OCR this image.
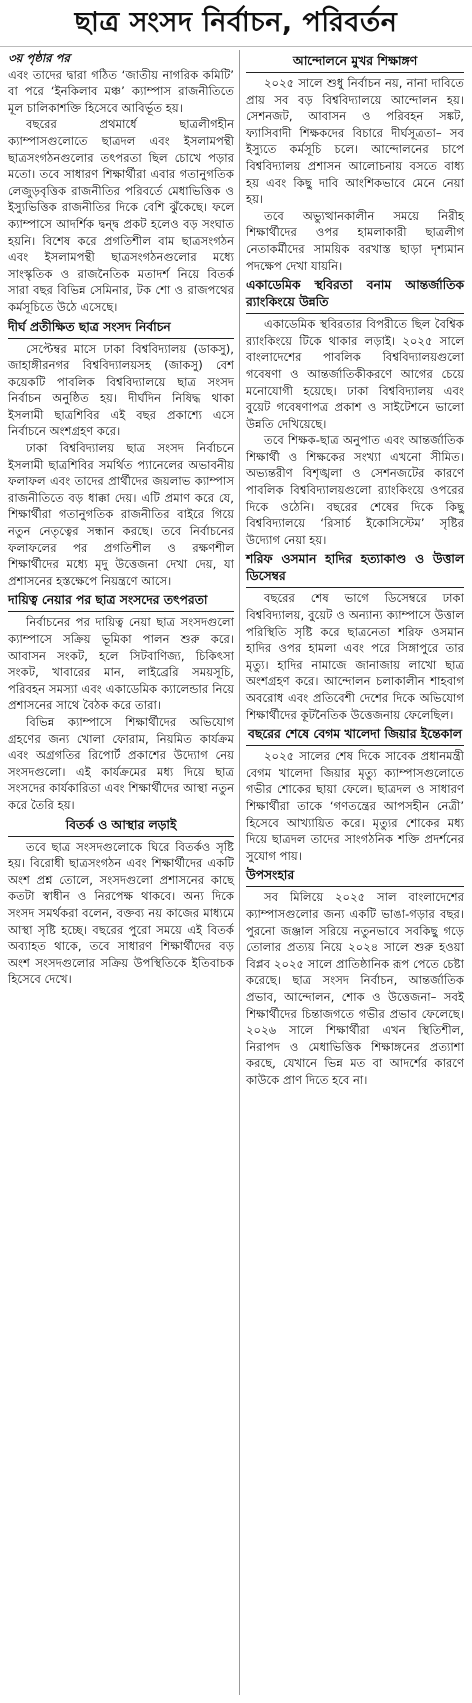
ছাত্র সংসদ নির্বাচন, পরিবর্তন
৩য় পৃষ্ঠার পর

এবং তাদের দ্বারা গঠিত ‘জাতীয় নাগরিক কমিটি’ বা পরে ‘ইনকিলাব মঞ্চ’ ক্যাম্পাস রাজনীতিতে মূল চালিকাশক্তি হিসেবে আবির্ভূত হয়।

বছরের প্রথমার্ধে ছাত্রলীগহীন ক্যাম্পাসগুলোতে ছাত্রদল এবং ইসলামপন্থী ছাত্রসংগঠনগুলোর তৎপরতা ছিল চোখে পড়ার মতো। তবে সাধারণ শিক্ষার্থীরা এবার গতানুগতিক লেজুড়বৃত্তিক রাজনীতির পরিবর্তে মেধাভিত্তিক ও ইস্যুভিত্তিক রাজনীতির দিকে বেশি ঝুঁকেছে। ফলে ক্যাম্পাসে আদর্শিক দ্বন্দ্ব প্রকট হলেও বড় সংঘাত হয়নি। বিশেষ করে প্রগতিশীল বাম ছাত্রসংগঠন এবং ইসলামপন্থী ছাত্রসংগঠনগুলোর মধ্যে সাংস্কৃতিক ও রাজনৈতিক মতাদর্শ নিয়ে বিতর্ক সারা বছর বিভিন্ন সেমিনার, টক শো ও রাজপথের কর্মসূচিতে উঠে এসেছে।

দীর্ঘ প্রতীক্ষিত ছাত্র সংসদ নির্বাচন

সেপ্টেম্বর মাসে ঢাকা বিশ্ববিদ্যালয় (ডাকসু), জাহাঙ্গীরনগর বিশ্ববিদ্যালয়সহ (জাকসু) বেশ কয়েকটি পাবলিক বিশ্ববিদ্যালয়ে ছাত্র সংসদ নির্বাচন অনুষ্ঠিত হয়। দীর্ঘদিন নিষিদ্ধ থাকা ইসলামী ছাত্রশিবির এই বছর প্রকাশ্যে এসে নির্বাচনে অংশগ্রহণ করে।

ঢাকা বিশ্ববিদ্যালয় ছাত্র সংসদ নির্বাচনে ইসলামী ছাত্রশিবির সমর্থিত প্যানেলের অভাবনীয় ফলাফল এবং তাদের প্রার্থীদের জয়লাভ ক্যাম্পাস রাজনীতিতে বড় ধাক্কা দেয়। এটি প্রমাণ করে যে, শিক্ষার্থীরা গতানুগতিক রাজনীতির বাইরে গিয়ে নতুন নেতৃত্বের সন্ধান করছে। তবে নির্বাচনের ফলাফলের পর প্রগতিশীল ও রক্ষণশীল শিক্ষার্থীদের মধ্যে মৃদু উত্তেজনা দেখা দেয়, যা প্রশাসনের হস্তক্ষেপে নিয়ন্ত্রণে আসে।

দায়িত্ব নেয়ার পর ছাত্র সংসদের তৎপরতা

নির্বাচনের পর দায়িত্ব নেয়া ছাত্র সংসদগুলো ক্যাম্পাসে সক্রিয় ভূমিকা পালন শুরু করে। আবাসন সংকট, হলে সিটবাণিজ্য, চিকিৎসা সংকট, খাবারের মান, লাইব্রেরি সময়সূচি, পরিবহন সমস্যা এবং একাডেমিক ক্যালেন্ডার নিয়ে প্রশাসনের সাথে বৈঠক করে তারা।

বিভিন্ন ক্যাম্পাসে শিক্ষার্থীদের অভিযোগ গ্রহণের জন্য খোলা ফোরাম, নিয়মিত কার্যক্রম এবং অগ্রগতির রিপোর্ট প্রকাশের উদ্যোগ নেয় সংসদগুলো। এই কার্যক্রমের মধ্য দিয়ে ছাত্র সংসদের কার্যকারিতা এবং শিক্ষার্থীদের আস্থা নতুন করে তৈরি হয়।

বিতর্ক ও আস্থার লড়াই

তবে ছাত্র সংসদগুলোকে ঘিরে বিতর্কও সৃষ্টি হয়। বিরোধী ছাত্রসংগঠন এবং শিক্ষার্থীদের একটি অংশ প্রশ্ন তোলে, সংসদগুলো প্রশাসনের কাছে কতটা স্বাধীন ও নিরপেক্ষ থাকবে। অন্য দিকে সংসদ সমর্থকরা বলেন, বক্তব্য নয় কাজের মাধ্যমে আস্থা সৃষ্টি হচ্ছে। বছরের পুরো সময়ে এই বিতর্ক অব্যাহত থাকে, তবে সাধারণ শিক্ষার্থীদের বড় অংশ সংসদগুলোর সক্রিয় উপস্থিতিকে ইতিবাচক হিসেবে দেখে।

আন্দোলনে মুখর শিক্ষাঙ্গণ

২০২৫ সালে শুধু নির্বাচন নয়, নানা দাবিতে প্রায় সব বড় বিশ্ববিদ্যালয়ে আন্দোলন হয়। সেশনজট, আবাসন ও পরিবহন সঙ্কট, ফ্যাসিবাদী শিক্ষকদের বিচারে দীর্ঘসূত্রতা– সব ইস্যুতে কর্মসূচি চলে। আন্দোলনের চাপে বিশ্ববিদ্যালয় প্রশাসন আলোচনায় বসতে বাধ্য হয় এবং কিছু দাবি আংশিকভাবে মেনে নেয়া হয়।

তবে অভ্যুত্থানকালীন সময়ে নিরীহ শিক্ষার্থীদের ওপর হামলাকারী ছাত্রলীগ নেতাকর্মীদের সাময়িক বরখাস্ত ছাড়া দৃশ্যমান পদক্ষেপ দেখা যায়নি।

একাডেমিক স্থবিরতা বনাম আন্তর্জাতিক র‍্যাংকিংয়ে উন্নতি

একাডেমিক স্থবিরতার বিপরীতে ছিল বৈশ্বিক র‍্যাংকিংয়ে টিকে থাকার লড়াই। ২০২৫ সালে বাংলাদেশের পাবলিক বিশ্ববিদ্যালয়গুলো গবেষণা ও আন্তর্জাতিকীকরণে আগের চেয়ে মনোযোগী হয়েছে। ঢাকা বিশ্ববিদ্যালয় এবং বুয়েট গবেষণাপত্র প্রকাশ ও সাইটেশনে ভালো উন্নতি দেখিয়েছে।

তবে শিক্ষক-ছাত্র অনুপাত এবং আন্তর্জাতিক শিক্ষার্থী ও শিক্ষকের সংখ্যা এখনো সীমিত। অভ্যন্তরীণ বিশৃঙ্খলা ও সেশনজটের কারণে পাবলিক বিশ্ববিদ্যালয়গুলো র‍্যাংকিংয়ে ওপরের দিকে ওঠেনি। বছরের শেষের দিকে কিছু বিশ্ববিদ্যালয়ে ‘রিসার্চ ইকোসিস্টেম’ সৃষ্টির উদ্যোগ নেয়া হয়।

শরিফ ওসমান হাদির হত্যাকাণ্ড ও উত্তাল ডিসেম্বর

বছরের শেষ ভাগে ডিসেম্বরে ঢাকা বিশ্ববিদ্যালয়, বুয়েট ও অন্যান্য ক্যাম্পাসে উত্তাল পরিস্থিতি সৃষ্টি করে ছাত্রনেতা শরিফ ওসমান হাদির ওপর হামলা এবং পরে সিঙ্গাপুরে তার মৃত্যু। হাদির নামাজে জানাজায় লাখো ছাত্র অংশগ্রহণ করে। আন্দোলন চলাকালীন শাহবাগ অবরোধ এবং প্রতিবেশী দেশের দিকে অভিযোগ শিক্ষার্থীদের কূটনৈতিক উত্তেজনায় ফেলেছিল।

বছরের শেষে বেগম খালেদা জিয়ার ইন্তেকাল

২০২৫ সালের শেষ দিকে সাবেক প্রধানমন্ত্রী বেগম খালেদা জিয়ার মৃত্যু ক্যাম্পাসগুলোতে গভীর শোকের ছায়া ফেলে। ছাত্রদল ও সাধারণ শিক্ষার্থীরা তাকে ‘গণতন্ত্রের আপসহীন নেত্রী’ হিসেবে আখ্যায়িত করে। মৃত্যুর শোকের মধ্য দিয়ে ছাত্রদল তাদের সাংগঠনিক শক্তি প্রদর্শনের সুযোগ পায়।

উপসংহার

সব মিলিয়ে ২০২৫ সাল বাংলাদেশের ক্যাম্পাসগুলোর জন্য একটি ভাঙা-গড়ার বছর। পুরনো জঞ্জাল সরিয়ে নতুনভাবে সবকিছু গড়ে তোলার প্রত্যয় নিয়ে ২০২৪ সালে শুরু হওয়া বিপ্লব ২০২৫ সালে প্রাতিষ্ঠানিক রূপ পেতে চেষ্টা করেছে। ছাত্র সংসদ নির্বাচন, আন্তর্জাতিক প্রভাব, আন্দোলন, শোক ও উত্তেজনা– সবই শিক্ষার্থীদের চিন্তাজগতে গভীর প্রভাব ফেলেছে। ২০২৬ সালে শিক্ষার্থীরা এখন স্থিতিশীল, নিরাপদ ও মেধাভিত্তিক শিক্ষাঙ্গনের প্রত্যাশা করছে, যেখানে ভিন্ন মত বা আদর্শের কারণে কাউকে প্রাণ দিতে হবে না।
